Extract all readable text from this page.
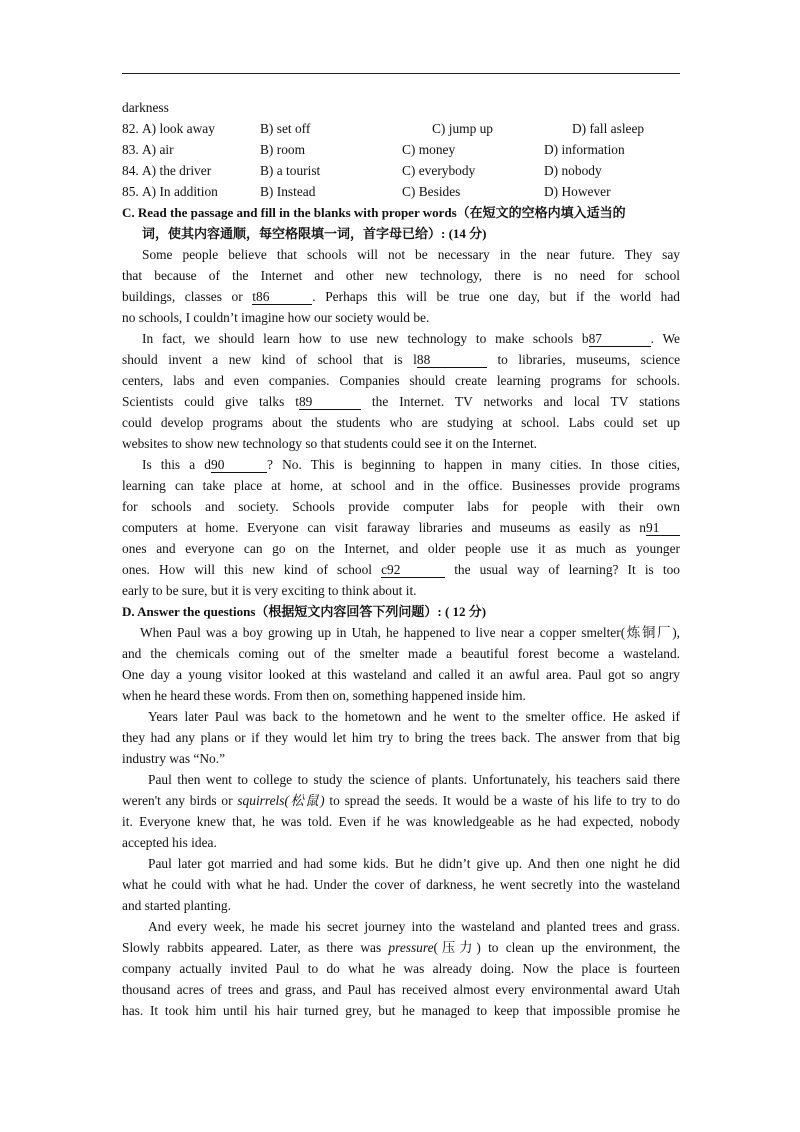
darkness
82. A) look away	B) set off	C) jump up	D) fall asleep
83. A) air	B) room	C) money	D) information
84. A) the driver	B) a tourist	C) everybody	D) nobody
85. A) In addition	B) Instead	C) Besides	D) However
C. Read the passage and fill in the blanks with proper words（在短文的空格内填入适当的
词，使其内容通顺，每空格限填一词，首字母已给）: (14 分)
Some people believe that schools will not be necessary in the near future. They say
that because of the Internet and other new technology, there is no need for school
buildings, classes or t86	. Perhaps this will be true one day, but if the world had
no schools, I couldn’t imagine how our society would be.
In fact, we should learn how to use new technology to make schools b87	. We
should invent a new kind of school that is l88	to libraries, museums, science
centers, labs and even companies. Companies should create learning programs for schools.
Scientists could give talks t89	the Internet. TV networks and local TV stations
could develop programs about the students who are studying at school. Labs could set up
websites to show new technology so that students could see it on the Internet.
Is this a d90	? No. This is beginning to happen in many cities. In those cities,
learning can take place at home, at school and in the office. Businesses provide programs
for schools and society. Schools provide computer labs for people with their own
computers at home. Everyone can visit faraway libraries and museums as easily as n91
ones and everyone can go on the Internet, and older people use it as much as younger
ones. How will this new kind of school c92	the usual way of learning? It is too
early to be sure, but it is very exciting to think about it.
D. Answer the questions（根据短文内容回答下列问题）: ( 12 分)
When Paul was a boy growing up in Utah, he happened to live near a copper smelter(炼铜厂),
and the chemicals coming out of the smelter made a beautiful forest become a wasteland.
One day a young visitor looked at this wasteland and called it an awful area. Paul got so angry
when he heard these words. From then on, something happened inside him.
Years later Paul was back to the hometown and he went to the smelter office. He asked if
they had any plans or if they would let him try to bring the trees back. The answer from that big
industry was “No.”
Paul then went to college to study the science of plants. Unfortunately, his teachers said there
weren't any birds or squirrels(松鼠) to spread the seeds. It would be a waste of his life to try to do
it. Everyone knew that, he was told. Even if he was knowledgeable as he had expected, nobody
accepted his idea.
Paul later got married and had some kids. But he didn’t give up. And then one night he did
what he could with what he had. Under the cover of darkness, he went secretly into the wasteland
and started planting.
And every week, he made his secret journey into the wasteland and planted trees and grass.
Slowly rabbits appeared. Later, as there was pressure(压力) to clean up the environment, the
company actually invited Paul to do what he was already doing. Now the place is fourteen
thousand acres of trees and grass, and Paul has received almost every environmental award Utah
has. It took him until his hair turned grey, but he managed to keep that impossible promise he
